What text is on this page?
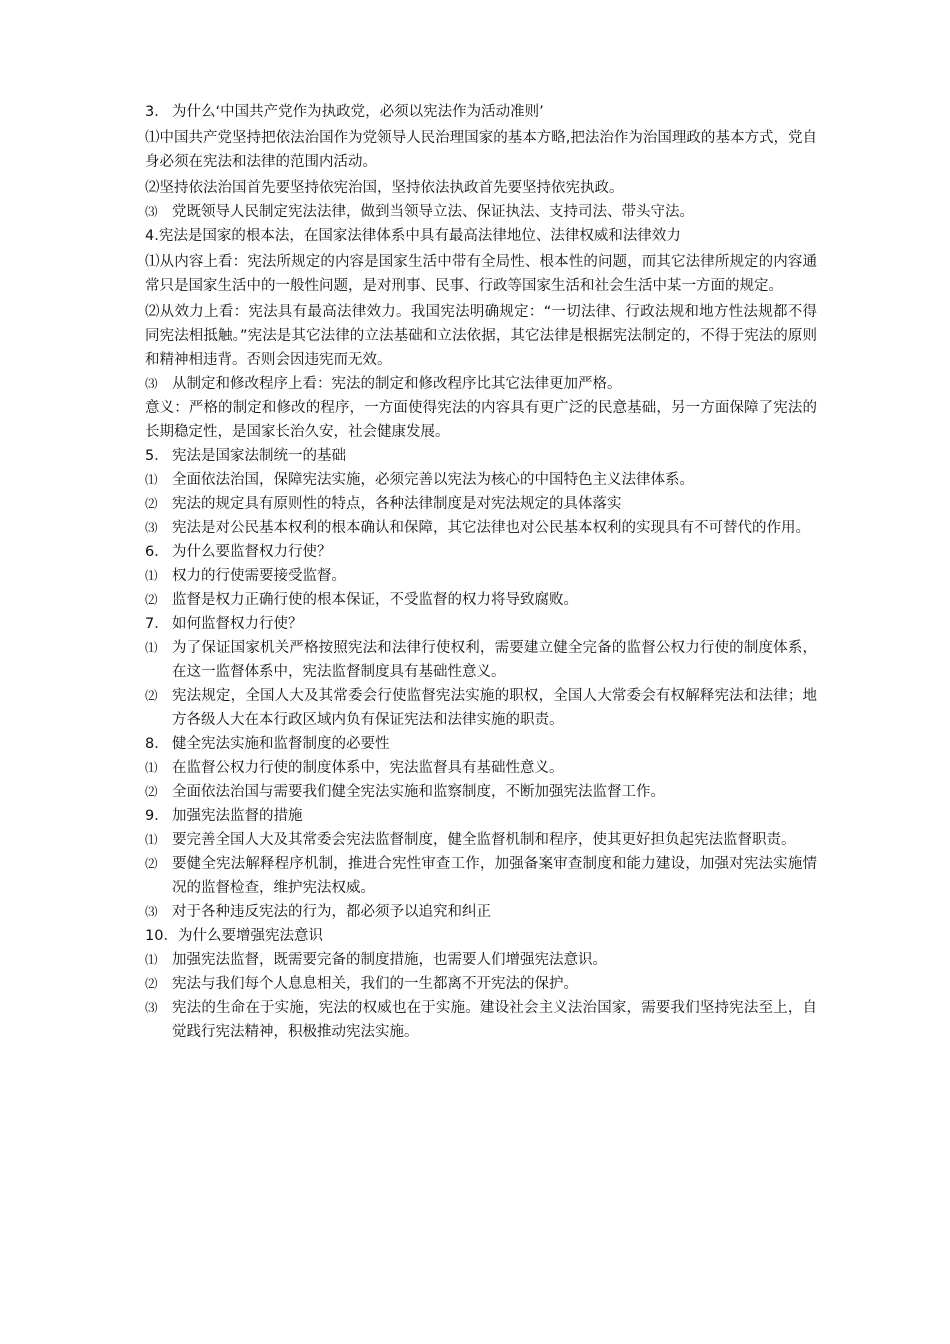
3． 为什么‘中国共产党作为执政党，必须以宪法作为活动准则’

⑴中国共产党坚持把依法治国作为党领导人民治理国家的基本方略,把法治作为治国理政的基本方式，党自身必须在宪法和法律的范围内活动。

⑵坚持依法治国首先要坚持依宪治国，坚持依法执政首先要坚持依宪执政。

⑶ 党既领导人民制定宪法法律，做到当领导立法、保证执法、支持司法、带头守法。

4.宪法是国家的根本法，在国家法律体系中具有最高法律地位、法律权威和法律效力

⑴从内容上看：宪法所规定的内容是国家生活中带有全局性、根本性的问题，而其它法律所规定的内容通常只是国家生活中的一般性问题，是对刑事、民事、行政等国家生活和社会生活中某一方面的规定。

⑵从效力上看：宪法具有最高法律效力。我国宪法明确规定：“一切法律、行政法规和地方性法规都不得同宪法相抵触。”宪法是其它法律的立法基础和立法依据，其它法律是根据宪法制定的，不得于宪法的原则和精神相违背。否则会因违宪而无效。

⑶ 从制定和修改程序上看：宪法的制定和修改程序比其它法律更加严格。

意义：严格的制定和修改的程序，一方面使得宪法的内容具有更广泛的民意基础，另一方面保障了宪法的长期稳定性，是国家长治久安，社会健康发展。

5． 宪法是国家法制统一的基础

⑴ 全面依法治国，保障宪法实施，必须完善以宪法为核心的中国特色主义法律体系。
⑵ 宪法的规定具有原则性的特点，各种法律制度是对宪法规定的具体落实
⑶ 宪法是对公民基本权利的根本确认和保障，其它法律也对公民基本权利的实现具有不可替代的作用。

6． 为什么要监督权力行使？

⑴ 权力的行使需要接受监督。
⑵ 监督是权力正确行使的根本保证，不受监督的权力将导致腐败。

7． 如何监督权力行使？

⑴ 为了保证国家机关严格按照宪法和法律行使权利，需要建立健全完备的监督公权力行使的制度体系，在这一监督体系中，宪法监督制度具有基础性意义。
⑵ 宪法规定，全国人大及其常委会行使监督宪法实施的职权，全国人大常委会有权解释宪法和法律；地方各级人大在本行政区域内负有保证宪法和法律实施的职责。

8． 健全宪法实施和监督制度的必要性

⑴ 在监督公权力行使的制度体系中，宪法监督具有基础性意义。
⑵ 全面依法治国与需要我们健全宪法实施和监察制度，不断加强宪法监督工作。

9． 加强宪法监督的措施

⑴ 要完善全国人大及其常委会宪法监督制度，健全监督机制和程序，使其更好担负起宪法监督职责。
⑵ 要健全宪法解释程序机制，推进合宪性审查工作，加强备案审查制度和能力建设，加强对宪法实施情况的监督检查，维护宪法权威。
⑶ 对于各种违反宪法的行为，都必须予以追究和纠正

10．为什么要增强宪法意识

⑴ 加强宪法监督，既需要完备的制度措施，也需要人们增强宪法意识。
⑵ 宪法与我们每个人息息相关，我们的一生都离不开宪法的保护。
⑶ 宪法的生命在于实施，宪法的权威也在于实施。建设社会主义法治国家，需要我们坚持宪法至上，自觉践行宪法精神，积极推动宪法实施。
